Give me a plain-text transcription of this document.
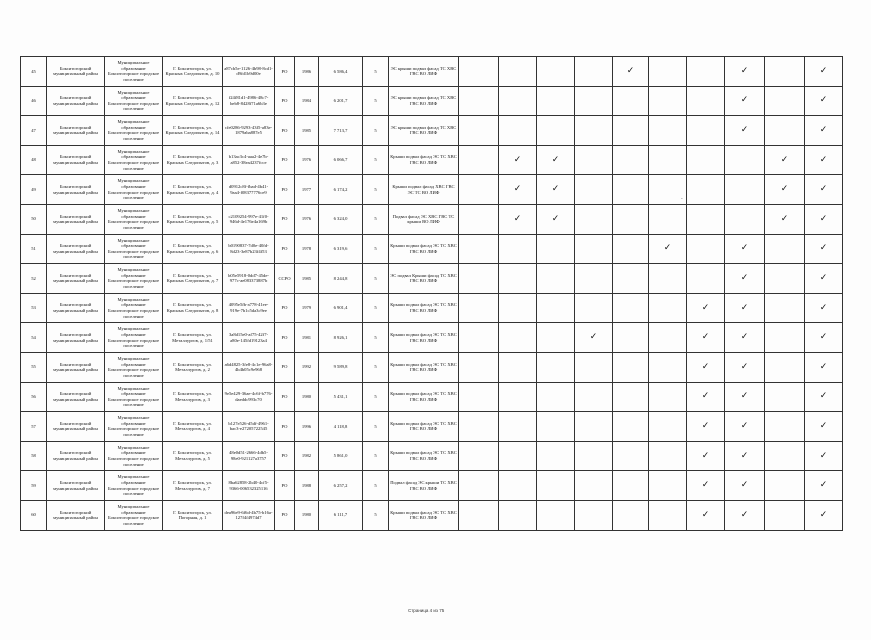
45	Бокситогорский муниципальный район	Муниципальное образование Бокситогорское городское поселение	Г. Бокситогорск, ул. Красных Следопытов, д. 10	a87cb5e-1126-4b98-8cd1-d9fd1b9d00e	РО	1986	6 586,4	5	ЭС крыши подвал фасад ТС ХВС ГВС ВО ЛИФ					✓			✓		✓
46	Бокситогорский муниципальный район	Муниципальное образование Бокситогорское городское поселение	Г. Бокситогорск, ул. Красных Следопытов, д. 12	f24f81d1-4986-48c7-beb8-8428f71a6b3e	РО	1984	6 201,7	5	ЭС крыши подвал фасад ТС ХВС ГВС ВО ЛИФ								✓		✓
47	Бокситогорский муниципальный район	Муниципальное образование Бокситогорское городское поселение	Г. Бокситогорск, ул. Красных Следопытов, д. 14	cfe0286-9293-43f5-a83e-1879aba887e5	РО	1985	7 713,7	5	ЭС крыши подвал фасад ТС ХВС ГВС ВО ЛИФ								✓		✓
48	Бокситогорский муниципальный район	Муниципальное образование Бокситогорское городское поселение	Г. Бокситогорск, ул. Красных Следопытов, д. 3	b13ac3c4-aaa2-4e7b-a852-38ea4237fcce	РО	1976	6 066,7	5	Крыши подвал фасад ЭС ТС ХВС ГВС ВО ЛИФ		✓	✓						✓	✓
49	Бокситогорский муниципальный район	Муниципальное образование Бокситогорское городское поселение	Г. Бокситогорск, ул. Красных Следопытов, д. 4	d0912c8f-fbad-4b41-9aa4-f08377776ce9	РО	1977	6 174,2	5	Крыши подвал фасад ХВС ГВС ЭС ТС ВО ЛИФ		✓	✓						✓	✓
50	Бокситогорский муниципальный район	Муниципальное образование Бокситогорское городское поселение	Г. Бокситогорск, ул. Красных Следопытов, д. 5	c2109254-997e-41f0-946d-4e176e4a169b	РО	1976	6 324,0	5	Подвал фасад ЭС ХВС ГВС ТС крыши ВО ЛИФ		✓	✓						✓	✓
51	Бокситогорский муниципальный район	Муниципальное образование Бокситогорское городское поселение	Г. Бокситогорск, ул. Красных Следопытов, д. 6	b0190837-7d0e-40fd-8d23-3e87b23f4f53	РО	1978	6 319,6	5	Крыши подвал фасад ЭС ТС ХВС ГВС ВО ЛИФ						✓		✓		✓
52	Бокситогорский муниципальный район	Муниципальное образование Бокситогорское городское поселение	Г. Бокситогорск, ул. Красных Следопытов, д. 7	b05e5918-0dd7-45de-977c-ae083373887b	ССРО	1985	8 244,8	5	ЭС подвал Крыши фасад ТС ХВС ГВС ВО ЛИФ								✓		✓
53	Бокситогорский муниципальный район	Муниципальное образование Бокситогорское городское поселение	Г. Бокситогорск, ул. Красных Следопытов, д. 8	4095e5fb-a778-41ee-919e-7b1c5da3c9ee	РО	1979	6 901,4	5	Крыши подвал фасад ЭС ТС ХВС ГВС ВО ЛИФ							✓	✓		✓
54	Бокситогорский муниципальный район	Муниципальное образование Бокситогорское городское поселение	Г. Бокситогорск, ул. Металлургов, д. 1/51	3a8d15e0-af75-42f7-a80e-145fd19123a4	РО	1981	8 926,1	5	Крыши подвал фасад ЭС ТС ХВС ГВС ВО ЛИФ				✓			✓	✓		✓
55	Бокситогорский муниципальный район	Муниципальное образование Бокситогорское городское поселение	Г. Бокситогорск, ул. Металлургов, д. 2	a6d4825-3fe8-4c1e-96a8-4b4b05c9e968	РО	1992	9 589,8	5	Крыши подвал фасад ЭС ТС ХВС ГВС ВО ЛИФ							✓	✓		✓
56	Бокситогорский муниципальный район	Муниципальное образование Бокситогорское городское поселение	Г. Бокситогорск, ул. Металлургов, д. 3	9e5e429-36ae-4c6f-b776-daeddc993c70	РО	1980	5 431,1	5	Крыши подвал фасад ЭС ТС ХВС ГВС ВО ЛИФ							✓	✓		✓
57	Бокситогорский муниципальный район	Муниципальное образование Бокситогорское городское поселение	Г. Бокситогорск, ул. Металлургов, д. 4	b127e526-d5df-4961-bac3-e27205722545	РО	1996	4 118,8	5	Крыши подвал фасад ЭС ТС ХВС ГВС ВО ЛИФ							✓	✓		✓
58	Бокситогорский муниципальный район	Муниципальное образование Бокситогорское городское поселение	Г. Бокситогорск, ул. Металлургов, д. 5	48e0d51-2666-4db5-98e0-921127a3757	РО	1982	5 861,0	5	Крыши подвал фасад ЭС ТС ХВС ГВС ВО ЛИФ							✓	✓		✓
59	Бокситогорский муниципальный район	Муниципальное образование Бокситогорское городское поселение	Г. Бокситогорск, ул. Металлургов, д. 7	8ba62858-2b40-4cf5-9366-006532325116	РО	1988	6 257,2	5	Подвал фасад ЭС крыши ТС ХВС ГВС ВО ЛИФ							✓	✓		✓
60	Бокситогорский муниципальный район	Муниципальное образование Бокситогорское городское поселение	Г. Бокситогорск, ул. Погорная, д. 1	dea96e9-6f6d-4b75-b16a-127f4f4974d7	РО	1980	6 111,7	5	Крыши подвал фасад ЭС ТС ХВС ГВС ВО ЛИФ							✓	✓		✓
-
Страница 4 из 75
